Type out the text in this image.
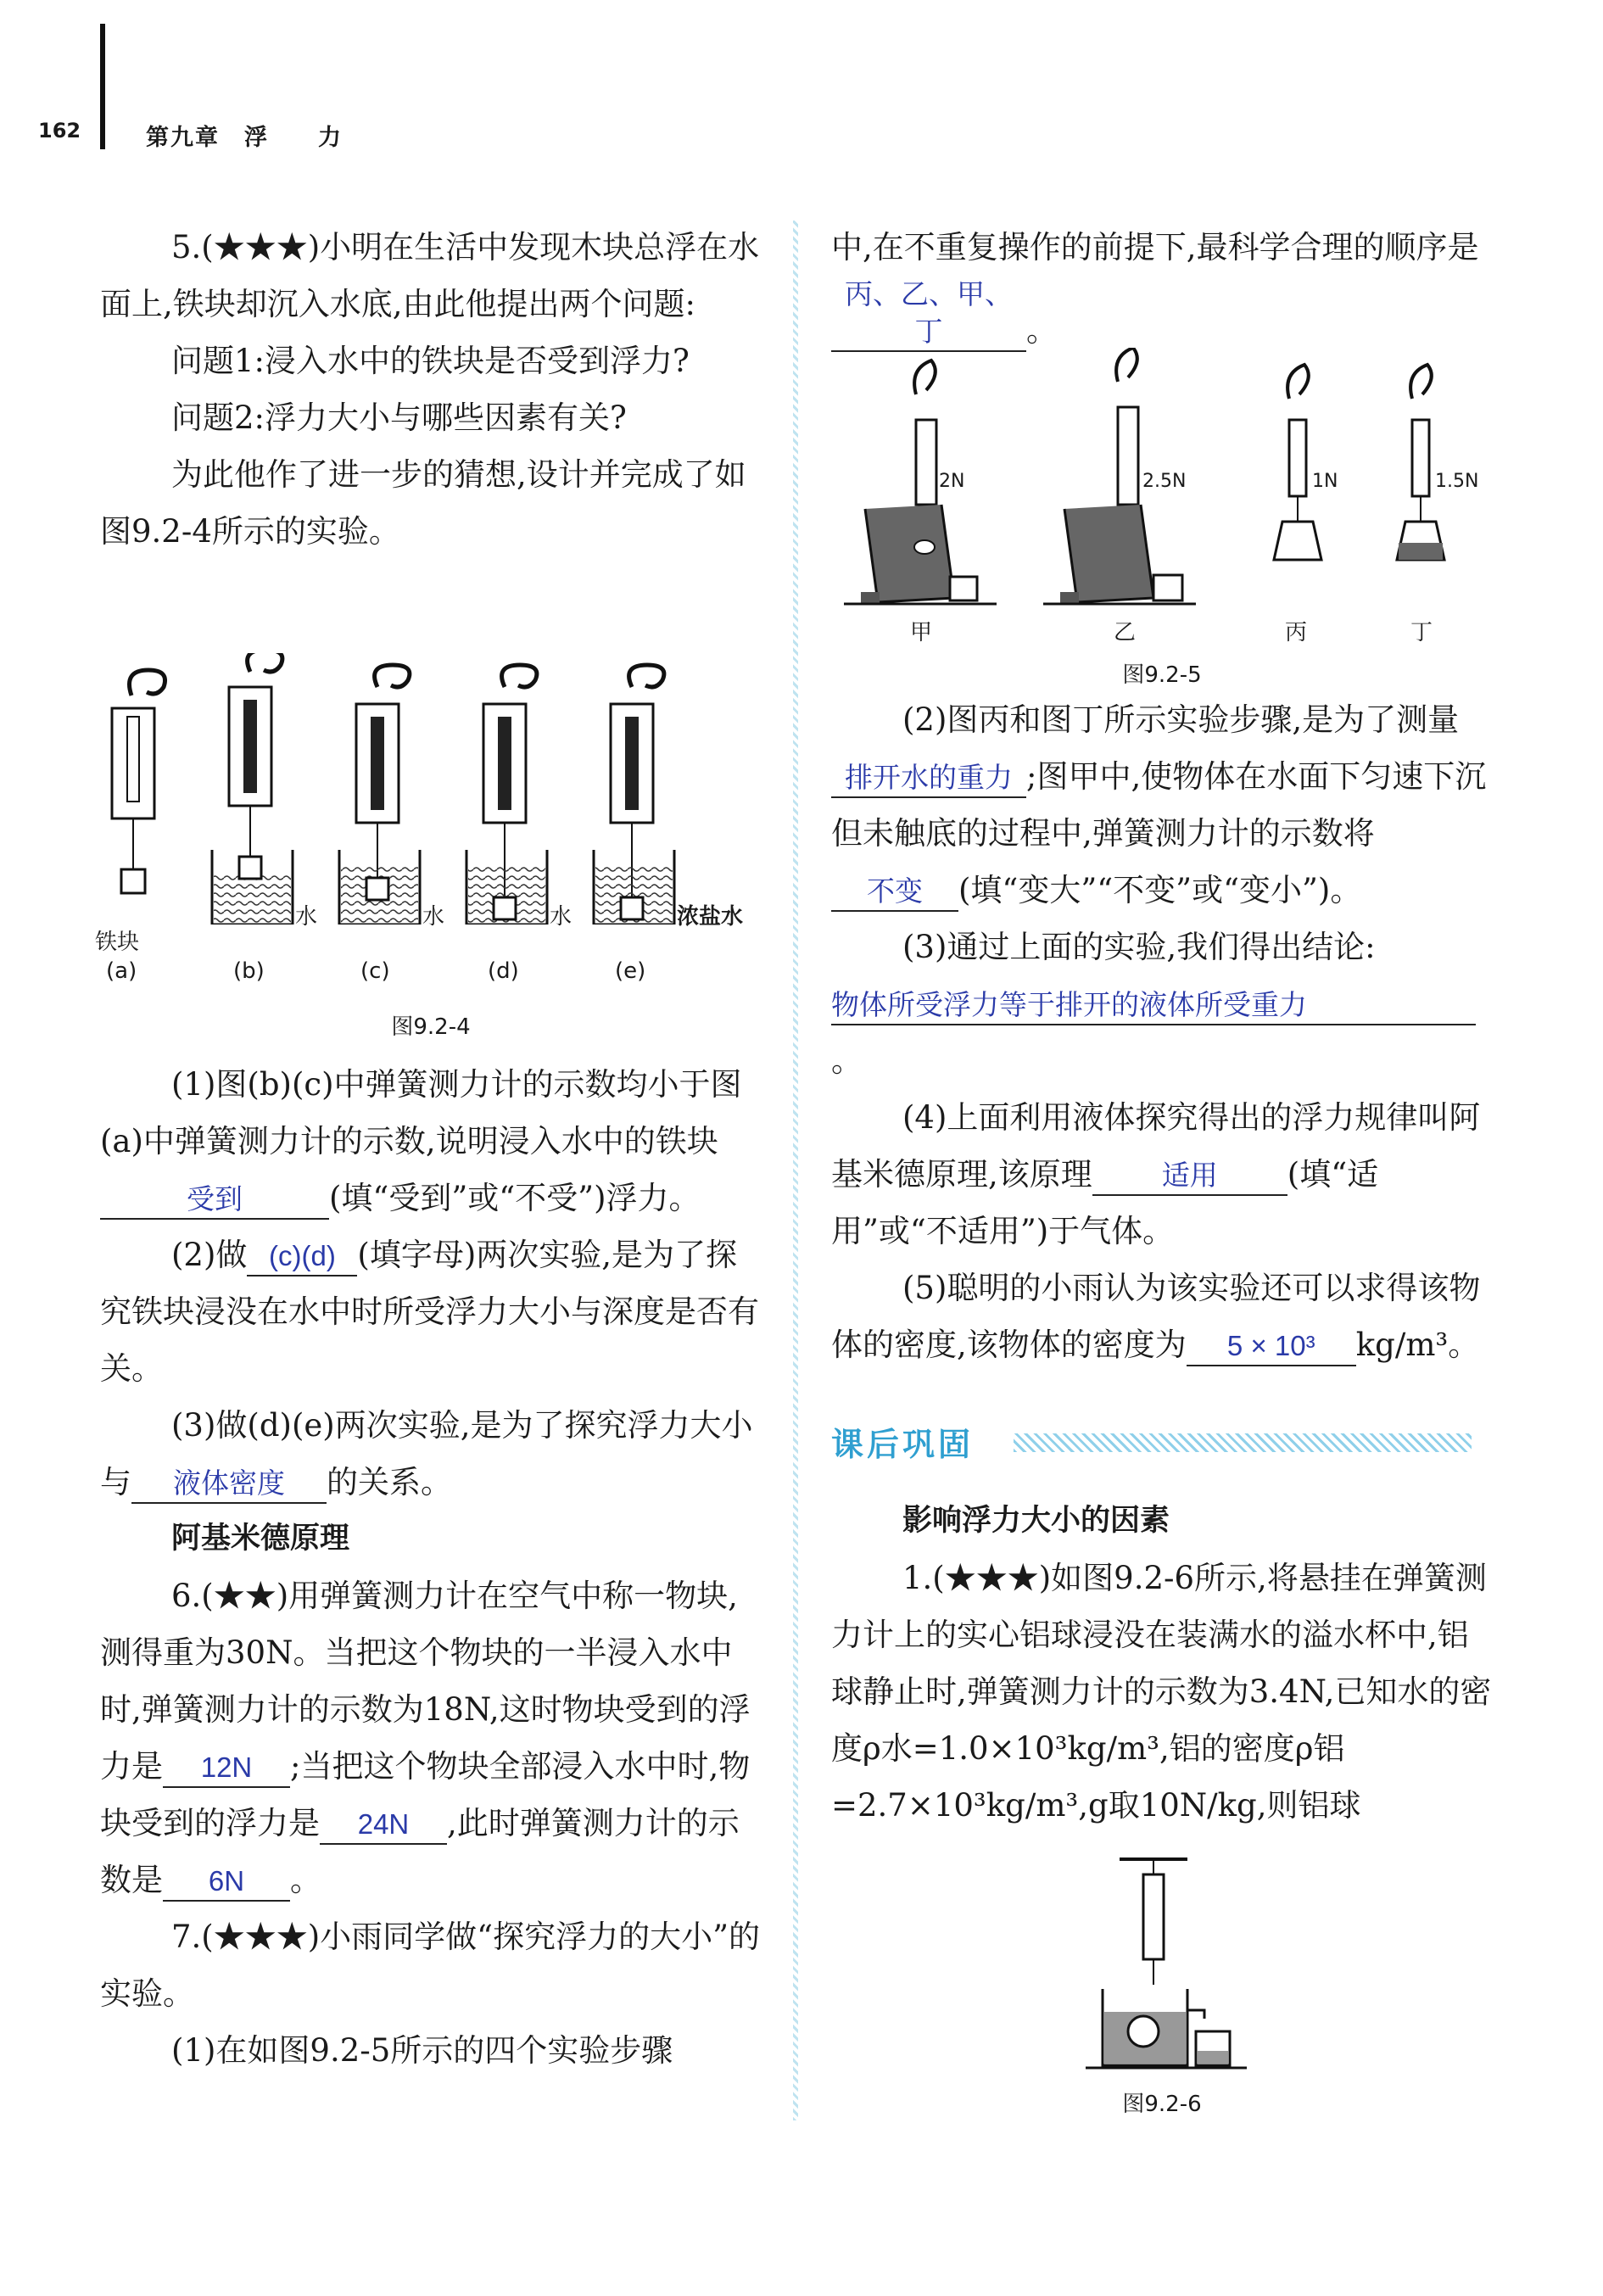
162	第九章　浮　　力

5.(★★★)小明在生活中发现木块总浮在水面上,铁块却沉入水底,由此他提出两个问题:

问题1:浸入水中的铁块是否受到浮力?

问题2:浮力大小与哪些因素有关?

为此他作了进一步的猜想,设计并完成了如图9.2-4所示的实验。

铁块
水	水	水	浓盐水
(a)	(b)	(c)	(d)	(e)
图9.2-4

(1)图(b)(c)中弹簧测力计的示数均小于图(a)中弹簧测力计的示数,说明浸入水中的铁块受到	(填“受到”或“不受”)浮力。

(2)做 (c)(d) (填字母)两次实验,是为了探究铁块浸没在水中时所受浮力大小与深度是否有关。

(3)做(d)(e)两次实验,是为了探究浮力大小与 液体密度 的关系。

阿基米德原理

6.(★★)用弹簧测力计在空气中称一物块,测得重为30N。当把这个物块的一半浸入水中时,弹簧测力计的示数为18N,这时物块受到的浮力是 12N ;当把这个物块全部浸入水中时,物块受到的浮力是 24N ,此时弹簧测力计的示数是 6N 。

7.(★★★)小雨同学做“探究浮力的大小”的实验。

(1)在如图9.2-5所示的四个实验步骤

中,在不重复操作的前提下,最科学合理的顺序是丙、乙、甲、丁	。

2N	2.5N	1N	1.5N
甲	乙	丙	丁
图9.2-5

(2)图丙和图丁所示实验步骤,是为了测量排开水的重力 ;图甲中,使物体在水面下匀速下沉但未触底的过程中,弹簧测力计的示数将不变 (填“变大”“不变”或“变小”)。

(3)通过上面的实验,我们得出结论:物体所受浮力等于排开的液体所受重力。

(4)上面利用液体探究得出的浮力规律叫阿基米德原理,该原理 适用 (填“适用”或“不适用”)于气体。

(5)聪明的小雨认为该实验还可以求得该物体的密度,该物体的密度为 5 × 10³ kg/m³。

课后巩固

影响浮力大小的因素

1.(★★★)如图9.2-6所示,将悬挂在弹簧测力计上的实心铝球浸没在装满水的溢水杯中,铝球静止时,弹簧测力计的示数为3.4N,已知水的密度ρ水=1.0×10³kg/m³,铝的密度ρ铝=2.7×10³kg/m³,g取10N/kg,则铝球

图9.2-6
